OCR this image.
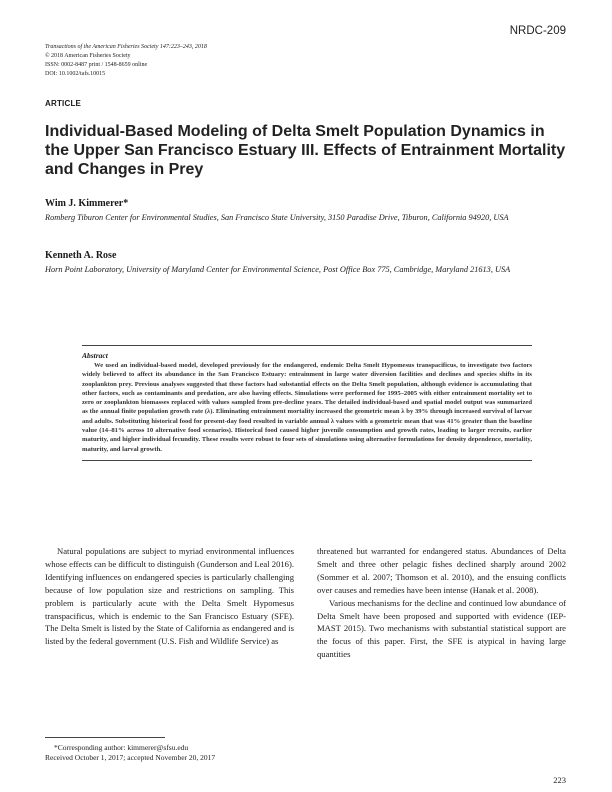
NRDC-209
Transactions of the American Fisheries Society 147:223–243, 2018
© 2018 American Fisheries Society
ISSN: 0002-8487 print / 1548-8659 online
DOI: 10.1002/tafs.10015
ARTICLE
Individual-Based Modeling of Delta Smelt Population Dynamics in the Upper San Francisco Estuary III. Effects of Entrainment Mortality and Changes in Prey
Wim J. Kimmerer*
Romberg Tiburon Center for Environmental Studies, San Francisco State University, 3150 Paradise Drive, Tiburon, California 94920, USA
Kenneth A. Rose
Horn Point Laboratory, University of Maryland Center for Environmental Science, Post Office Box 775, Cambridge, Maryland 21613, USA
Abstract
We used an individual-based model, developed previously for the endangered, endemic Delta Smelt Hypomesus transpacificus, to investigate two factors widely believed to affect its abundance in the San Francisco Estuary: entrainment in large water diversion facilities and declines and species shifts in its zooplankton prey. Previous analyses suggested that these factors had substantial effects on the Delta Smelt population, although evidence is accumulating that other factors, such as contaminants and predation, are also having effects. Simulations were performed for 1995–2005 with either entrainment mortality set to zero or zooplankton biomasses replaced with values sampled from pre-decline years. The detailed individual-based and spatial model output was summarized as the annual finite population growth rate (λ). Eliminating entrainment mortality increased the geometric mean λ by 39% through increased survival of larvae and adults. Substituting historical food for present-day food resulted in variable annual λ values with a geometric mean that was 41% greater than the baseline value (14–81% across 10 alternative food scenarios). Historical food caused higher juvenile consumption and growth rates, leading to larger recruits, earlier maturity, and higher individual fecundity. These results were robust to four sets of simulations using alternative formulations for density dependence, mortality, maturity, and larval growth.

Natural populations are subject to myriad environmental influences whose effects can be difficult to distinguish (Gunderson and Leal 2016). Identifying influences on endangered species is particularly challenging because of low population size and restrictions on sampling. This problem is particularly acute with the Delta Smelt Hypomesus transpacificus, which is endemic to the San Francisco Estuary (SFE). The Delta Smelt is listed by the State of California as endangered and is listed by the federal government (U.S. Fish and Wildlife Service) as

threatened but warranted for endangered status. Abundances of Delta Smelt and three other pelagic fishes declined sharply around 2002 (Sommer et al. 2007; Thomson et al. 2010), and the ensuing conflicts over causes and remedies have been intense (Hanak et al. 2008).

Various mechanisms for the decline and continued low abundance of Delta Smelt have been proposed and supported with evidence (IEP-MAST 2015). Two mechanisms with substantial statistical support are the focus of this paper. First, the SFE is atypical in having large quantities

*Corresponding author: kimmerer@sfsu.edu
Received October 1, 2017; accepted November 20, 2017
223
